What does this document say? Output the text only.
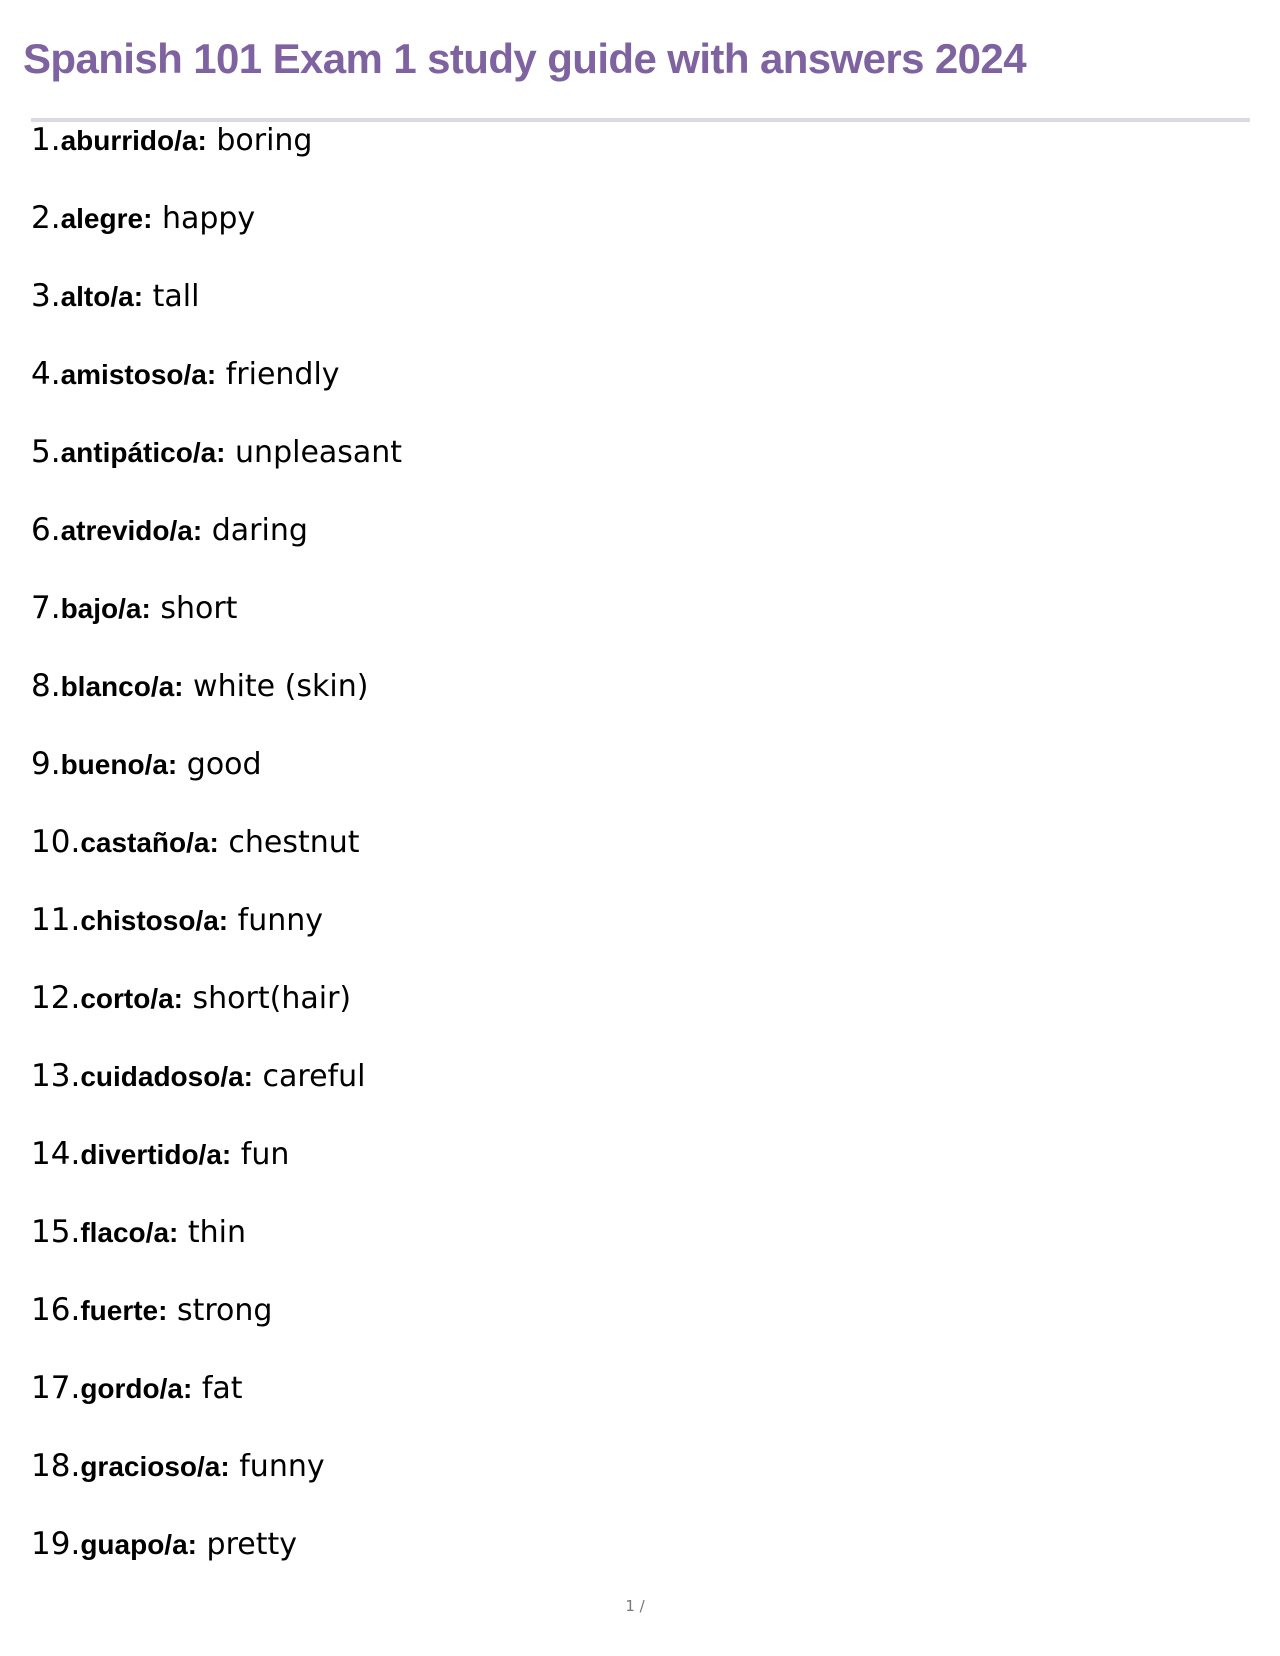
Spanish 101 Exam 1 study guide with answers 2024
1.aburrido/a: boring
2.alegre: happy
3.alto/a: tall
4.amistoso/a: friendly
5.antipático/a: unpleasant
6.atrevido/a: daring
7.bajo/a: short
8.blanco/a: white (skin)
9.bueno/a: good
10.castaño/a: chestnut
11.chistoso/a: funny
12.corto/a: short(hair)
13.cuidadoso/a: careful
14.divertido/a: fun
15.flaco/a: thin
16.fuerte: strong
17.gordo/a: fat
18.gracioso/a: funny
19.guapo/a: pretty
1 /
